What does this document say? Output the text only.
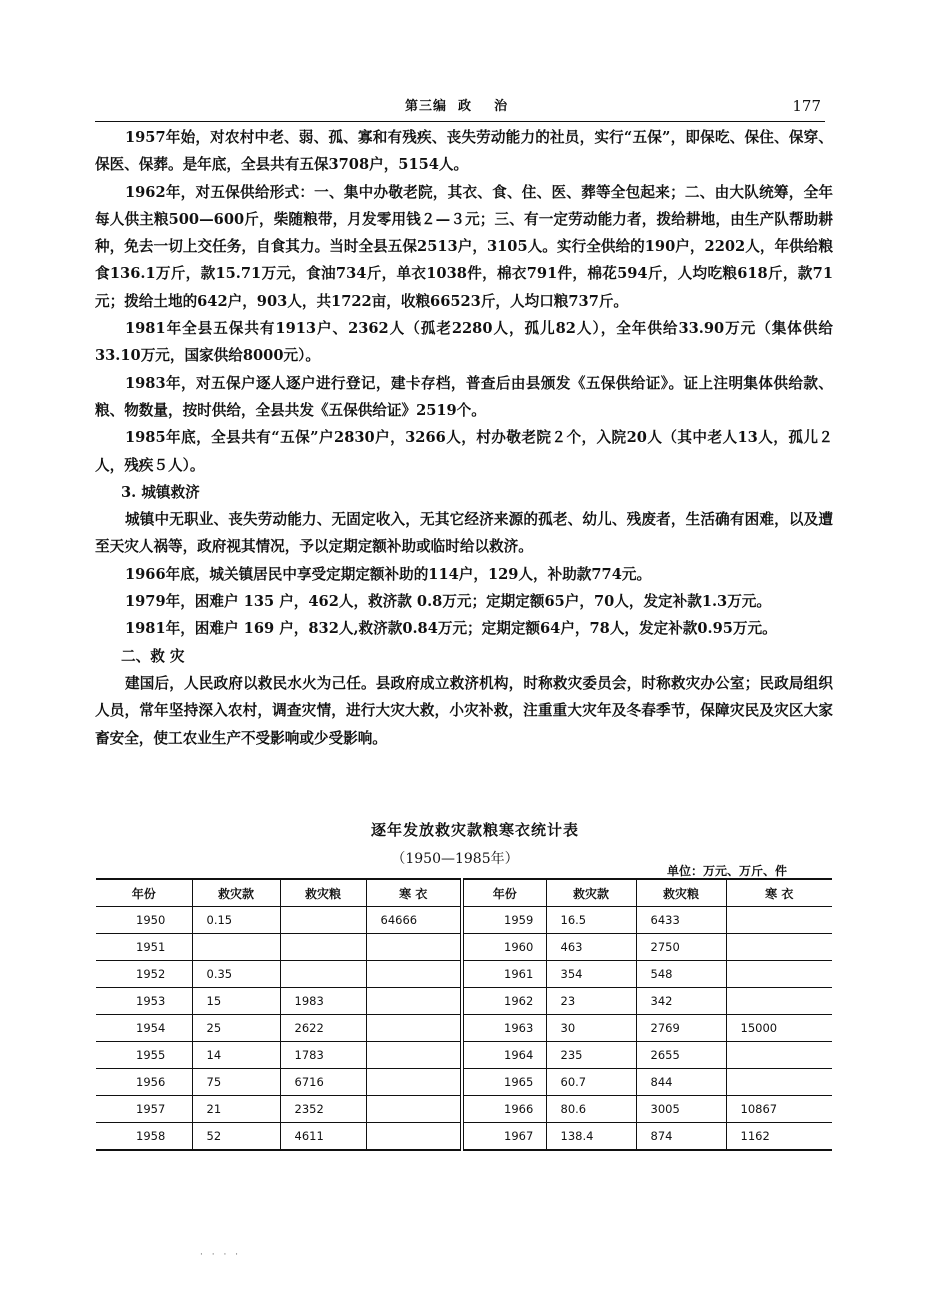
第三编  政    治	177

1957年始，对农村中老、弱、孤、寡和有残疾、丧失劳动能力的社员，实行“五保”，即保吃、保住、保穿、保医、保葬。是年底，全县共有五保3708户，5154人。

1962年，对五保供给形式：一、集中办敬老院，其衣、食、住、医、葬等全包起来；二、由大队统筹，全年每人供主粮500—600斤，柴随粮带，月发零用钱２—３元；三、有一定劳动能力者，拨给耕地，由生产队帮助耕种，免去一切上交任务，自食其力。当时全县五保2513户，3105人。实行全供给的190户，2202人，年供给粮食136.1万斤，款15.71万元，食油734斤，单衣1038件，棉衣791件，棉花594斤，人均吃粮618斤，款71元；拨给土地的642户，903人，共1722亩，收粮66523斤，人均口粮737斤。

1981年全县五保共有1913户、2362人（孤老2280人，孤儿82人），全年供给33.90万元（集体供给33.10万元，国家供给8000元）。

1983年，对五保户逐人逐户进行登记，建卡存档，普查后由县颁发《五保供给证》。证上注明集体供给款、粮、物数量，按时供给，全县共发《五保供给证》2519个。

1985年底，全县共有“五保”户2830户，3266人，村办敬老院２个，入院20人（其中老人13人，孤儿２人，残疾５人）。

3. 城镇救济

城镇中无职业、丧失劳动能力、无固定收入，无其它经济来源的孤老、幼儿、残废者，生活确有困难，以及遭至天灾人祸等，政府视其情况，予以定期定额补助或临时给以救济。

1966年底，城关镇居民中享受定期定额补助的114户，129人，补助款774元。

1979年，困难户 135 户，462人，救济款 0.8万元；定期定额65户，70人，发定补款1.3万元。

1981年，困难户 169 户，832人,救济款0.84万元；定期定额64户，78人，发定补款0.95万元。

二、救 灾

建国后，人民政府以救民水火为己任。县政府成立救济机构，时称救灾委员会，时称救灾办公室；民政局组织人员，常年坚持深入农村，调查灾情，进行大灾大救，小灾补救，注重重大灾年及冬春季节，保障灾民及灾区大家畜安全，使工农业生产不受影响或少受影响。

逐年发放救灾款粮寒衣统计表
（1950—1985年）
单位：万元、万斤、件
年份	救灾款	救灾粮	寒 衣	年份	救灾款	救灾粮	寒 衣
1950	0.15		64666	1959	16.5	6433	
1951				1960	463	2750	
1952	0.35			1961	354	548	
1953	15	1983		1962	23	342	
1954	25	2622		1963	30	2769	15000
1955	14	1783		1964	235	2655	
1956	75	6716		1965	60.7	844	
1957	21	2352		1966	80.6	3005	10867
1958	52	4611		1967	138.4	874	1162
· · · ·
